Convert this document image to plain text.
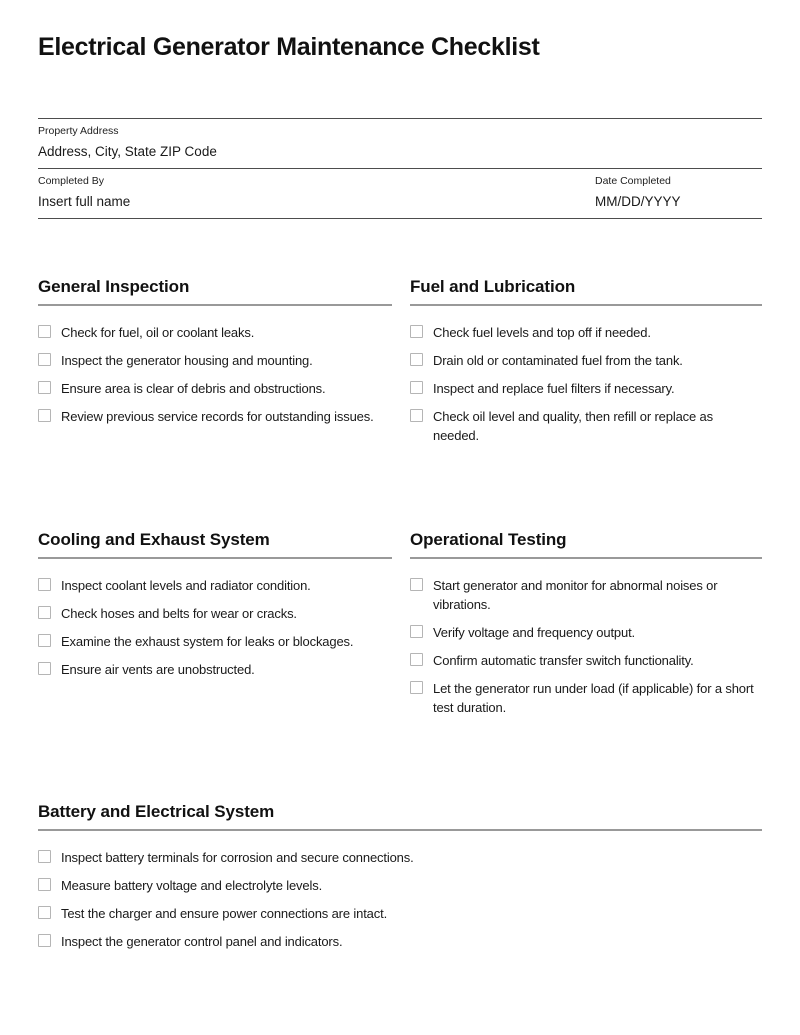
Electrical Generator Maintenance Checklist
Property Address
Address, City, State ZIP Code
Completed By
Insert full name
Date Completed
MM/DD/YYYY
General Inspection
Check for fuel, oil or coolant leaks.
Inspect the generator housing and mounting.
Ensure area is clear of debris and obstructions.
Review previous service records for outstanding issues.
Fuel and Lubrication
Check fuel levels and top off if needed.
Drain old or contaminated fuel from the tank.
Inspect and replace fuel filters if necessary.
Check oil level and quality, then refill or replace as needed.
Cooling and Exhaust System
Inspect coolant levels and radiator condition.
Check hoses and belts for wear or cracks.
Examine the exhaust system for leaks or blockages.
Ensure air vents are unobstructed.
Operational Testing
Start generator and monitor for abnormal noises or vibrations.
Verify voltage and frequency output.
Confirm automatic transfer switch functionality.
Let the generator run under load (if applicable) for a short test duration.
Battery and Electrical System
Inspect battery terminals for corrosion and secure connections.
Measure battery voltage and electrolyte levels.
Test the charger and ensure power connections are intact.
Inspect the generator control panel and indicators.
